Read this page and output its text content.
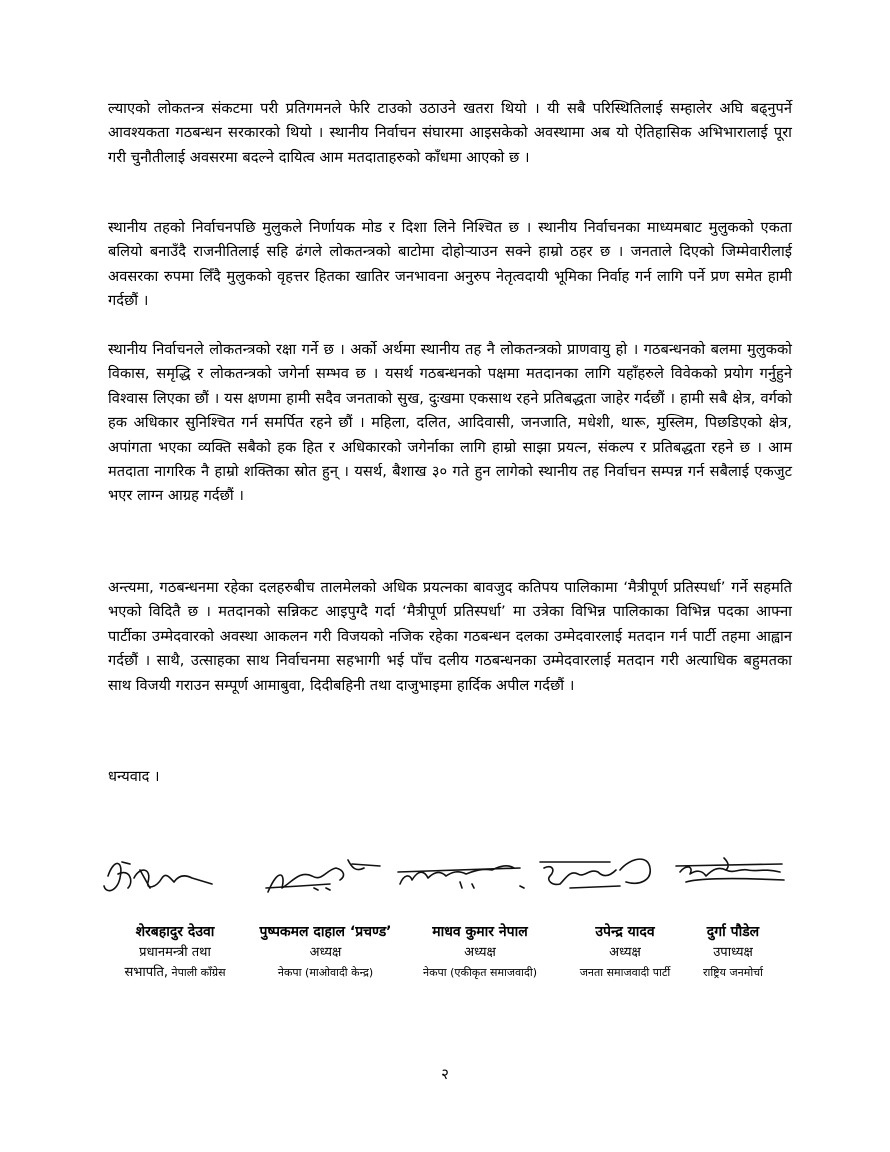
ल्याएको लोकतन्त्र संकटमा परी प्रतिगमनले फेरि टाउको उठाउने खतरा थियो । यी सबै परिस्थितिलाई सम्हालेर अघि बढ्नुपर्ने आवश्यकता गठबन्धन सरकारको थियो । स्थानीय निर्वाचन संघारमा आइसकेको अवस्थामा अब यो ऐतिहासिक अभिभारालाई पूरा गरी चुनौतीलाई अवसरमा बदल्ने दायित्व आम मतदाताहरुको काँधमा आएको छ ।

स्थानीय तहको निर्वाचनपछि मुलुकले निर्णायक मोड र दिशा लिने निश्चित छ । स्थानीय निर्वाचनका माध्यमबाट मुलुकको एकता बलियो बनाउँदै राजनीतिलाई सहि ढंगले लोकतन्त्रको बाटोमा दोहोऱ्याउन सक्ने हाम्रो ठहर छ । जनताले दिएको जिम्मेवारीलाई अवसरका रुपमा लिँदै मुलुकको वृहत्तर हितका खातिर जनभावना अनुरुप नेतृत्वदायी भूमिका निर्वाह गर्न लागि पर्ने प्रण समेत हामी गर्दछौं ।

स्थानीय निर्वाचनले लोकतन्त्रको रक्षा गर्ने छ । अर्को अर्थमा स्थानीय तह नै लोकतन्त्रको प्राणवायु हो । गठबन्धनको बलमा मुलुकको विकास, समृद्धि र लोकतन्त्रको जगेर्ना सम्भव छ । यसर्थ गठबन्धनको पक्षमा मतदानका लागि यहाँहरुले विवेकको प्रयोग गर्नुहुने विश्वास लिएका छौं । यस क्षणमा हामी सदैव जनताको सुख, दुःखमा एकसाथ रहने प्रतिबद्धता जाहेर गर्दछौं । हामी सबै क्षेत्र, वर्गको हक अधिकार सुनिश्चित गर्न समर्पित रहने छौं । महिला, दलित, आदिवासी, जनजाति, मधेशी, थारू, मुस्लिम, पिछडिएको क्षेत्र, अपांगता भएका व्यक्ति सबैको हक हित र अधिकारको जगेर्नाका लागि हाम्रो साझा प्रयत्न, संकल्प र प्रतिबद्धता रहने छ । आम मतदाता नागरिक नै हाम्रो शक्तिका स्रोत हुन् । यसर्थ, बैशाख ३० गते हुन लागेको स्थानीय तह निर्वाचन सम्पन्न गर्न सबैलाई एकजुट भएर लाग्न आग्रह गर्दछौं ।

अन्त्यमा, गठबन्धनमा रहेका दलहरुबीच तालमेलको अधिक प्रयत्नका बावजुद कतिपय पालिकामा ‘मैत्रीपूर्ण प्रतिस्पर्धा’ गर्ने सहमति भएको विदितै छ । मतदानको सन्निकट आइपुग्दै गर्दा ‘मैत्रीपूर्ण प्रतिस्पर्धा’ मा उत्रेका विभिन्न पालिकाका विभिन्न पदका आफ्ना पार्टीका उम्मेदवारको अवस्था आकलन गरी विजयको नजिक रहेका गठबन्धन दलका उम्मेदवारलाई मतदान गर्न पार्टी तहमा आह्वान गर्दछौं । साथै, उत्साहका साथ निर्वाचनमा सहभागी भई पाँच दलीय गठबन्धनका उम्मेदवारलाई मतदान गरी अत्याधिक बहुमतका साथ विजयी गराउन सम्पूर्ण आमाबुवा, दिदीबहिनी तथा दाजुभाइमा हार्दिक अपील गर्दछौं ।

धन्यवाद ।

शेरबहादुर देउवा
प्रधानमन्त्री तथा
सभापति, नेपाली काँग्रेस
पुष्पकमल दाहाल ‘प्रचण्ड’
अध्यक्ष
नेकपा (माओवादी केन्द्र)
माधव कुमार नेपाल
अध्यक्ष
नेकपा (एकीकृत समाजवादी)
उपेन्द्र यादव
अध्यक्ष
जनता समाजवादी पार्टी
दुर्गा पौडेल
उपाध्यक्ष
राष्ट्रिय जनमोर्चा
२
